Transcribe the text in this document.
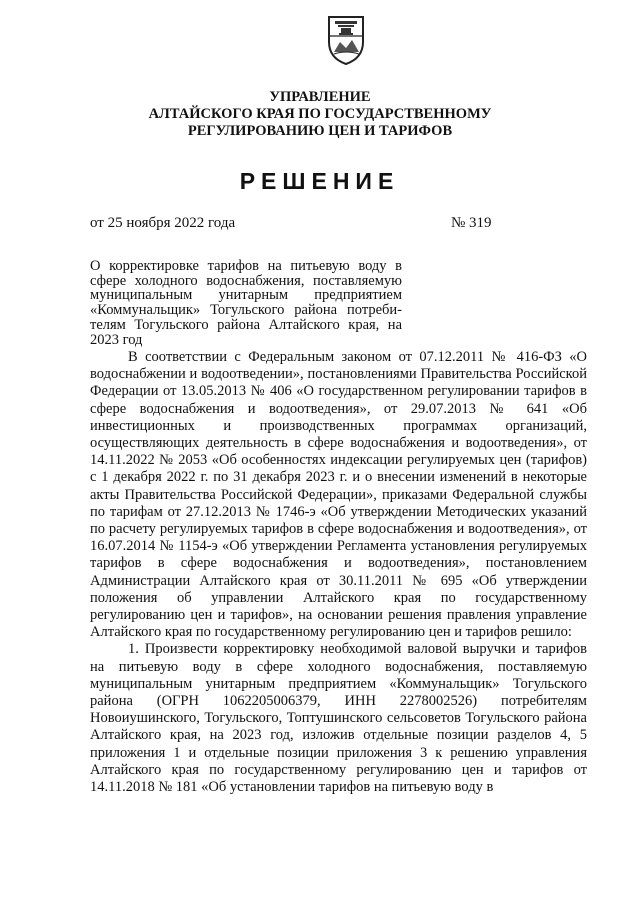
УПРАВЛЕНИЕ
АЛТАЙСКОГО КРАЯ ПО ГОСУДАРСТВЕННОМУ
РЕГУЛИРОВАНИЮ ЦЕН И ТАРИФОВ
РЕШЕНИЕ
от 25 ноября 2022 года	№ 319
О корректировке тарифов на питьевую воду в
сфере холодного водоснабжения, поставляемую
муниципальным унитарным предприятием
«Коммунальщик» Тогульского района потреби-
телям Тогульского района Алтайского края, на
2023 год

В соответствии с Федеральным законом от 07.12.2011 № 416-ФЗ «О водоснабжении и водоотведении», постановлениями Правительства Российской Федерации от 13.05.2013 № 406 «О государственном регулировании тарифов в сфере водоснабжения и водоотведения», от 29.07.2013 № 641 «Об инвестиционных и производственных программах организаций, осуществляющих деятельность в сфере водоснабжения и водоотведения», от 14.11.2022 № 2053 «Об особенностях индексации регулируемых цен (тарифов) с 1 декабря 2022 г. по 31 декабря 2023 г. и о внесении изменений в некоторые акты Правительства Российской Федерации», приказами Федеральной службы по тарифам от 27.12.2013 № 1746-э «Об утверждении Методических указаний по расчету регулируемых тарифов в сфере водоснабжения и водоотведения», от 16.07.2014 № 1154-э «Об утверждении Регламента установления регулируемых тарифов в сфере водоснабжения и водоотведения», постановлением Администрации Алтайского края от 30.11.2011 № 695 «Об утверждении положения об управлении Алтайского края по государственному регулированию цен и тарифов», на основании решения правления управление Алтайского края по государственному регулированию цен и тарифов решило:

1. Произвести корректировку необходимой валовой выручки и тарифов на питьевую воду в сфере холодного водоснабжения, поставляемую муниципальным унитарным предприятием «Коммунальщик» Тогульского района (ОГРН 1062205006379, ИНН 2278002526) потребителям Новоиушинского, Тогульского, Топтушинского сельсоветов Тогульского района Алтайского края, на 2023 год, изложив отдельные позиции разделов 4, 5 приложения 1 и отдельные позиции приложения 3 к решению управления Алтайского края по государственному регулированию цен и тарифов от 14.11.2018 № 181 «Об установлении тарифов на питьевую воду в
